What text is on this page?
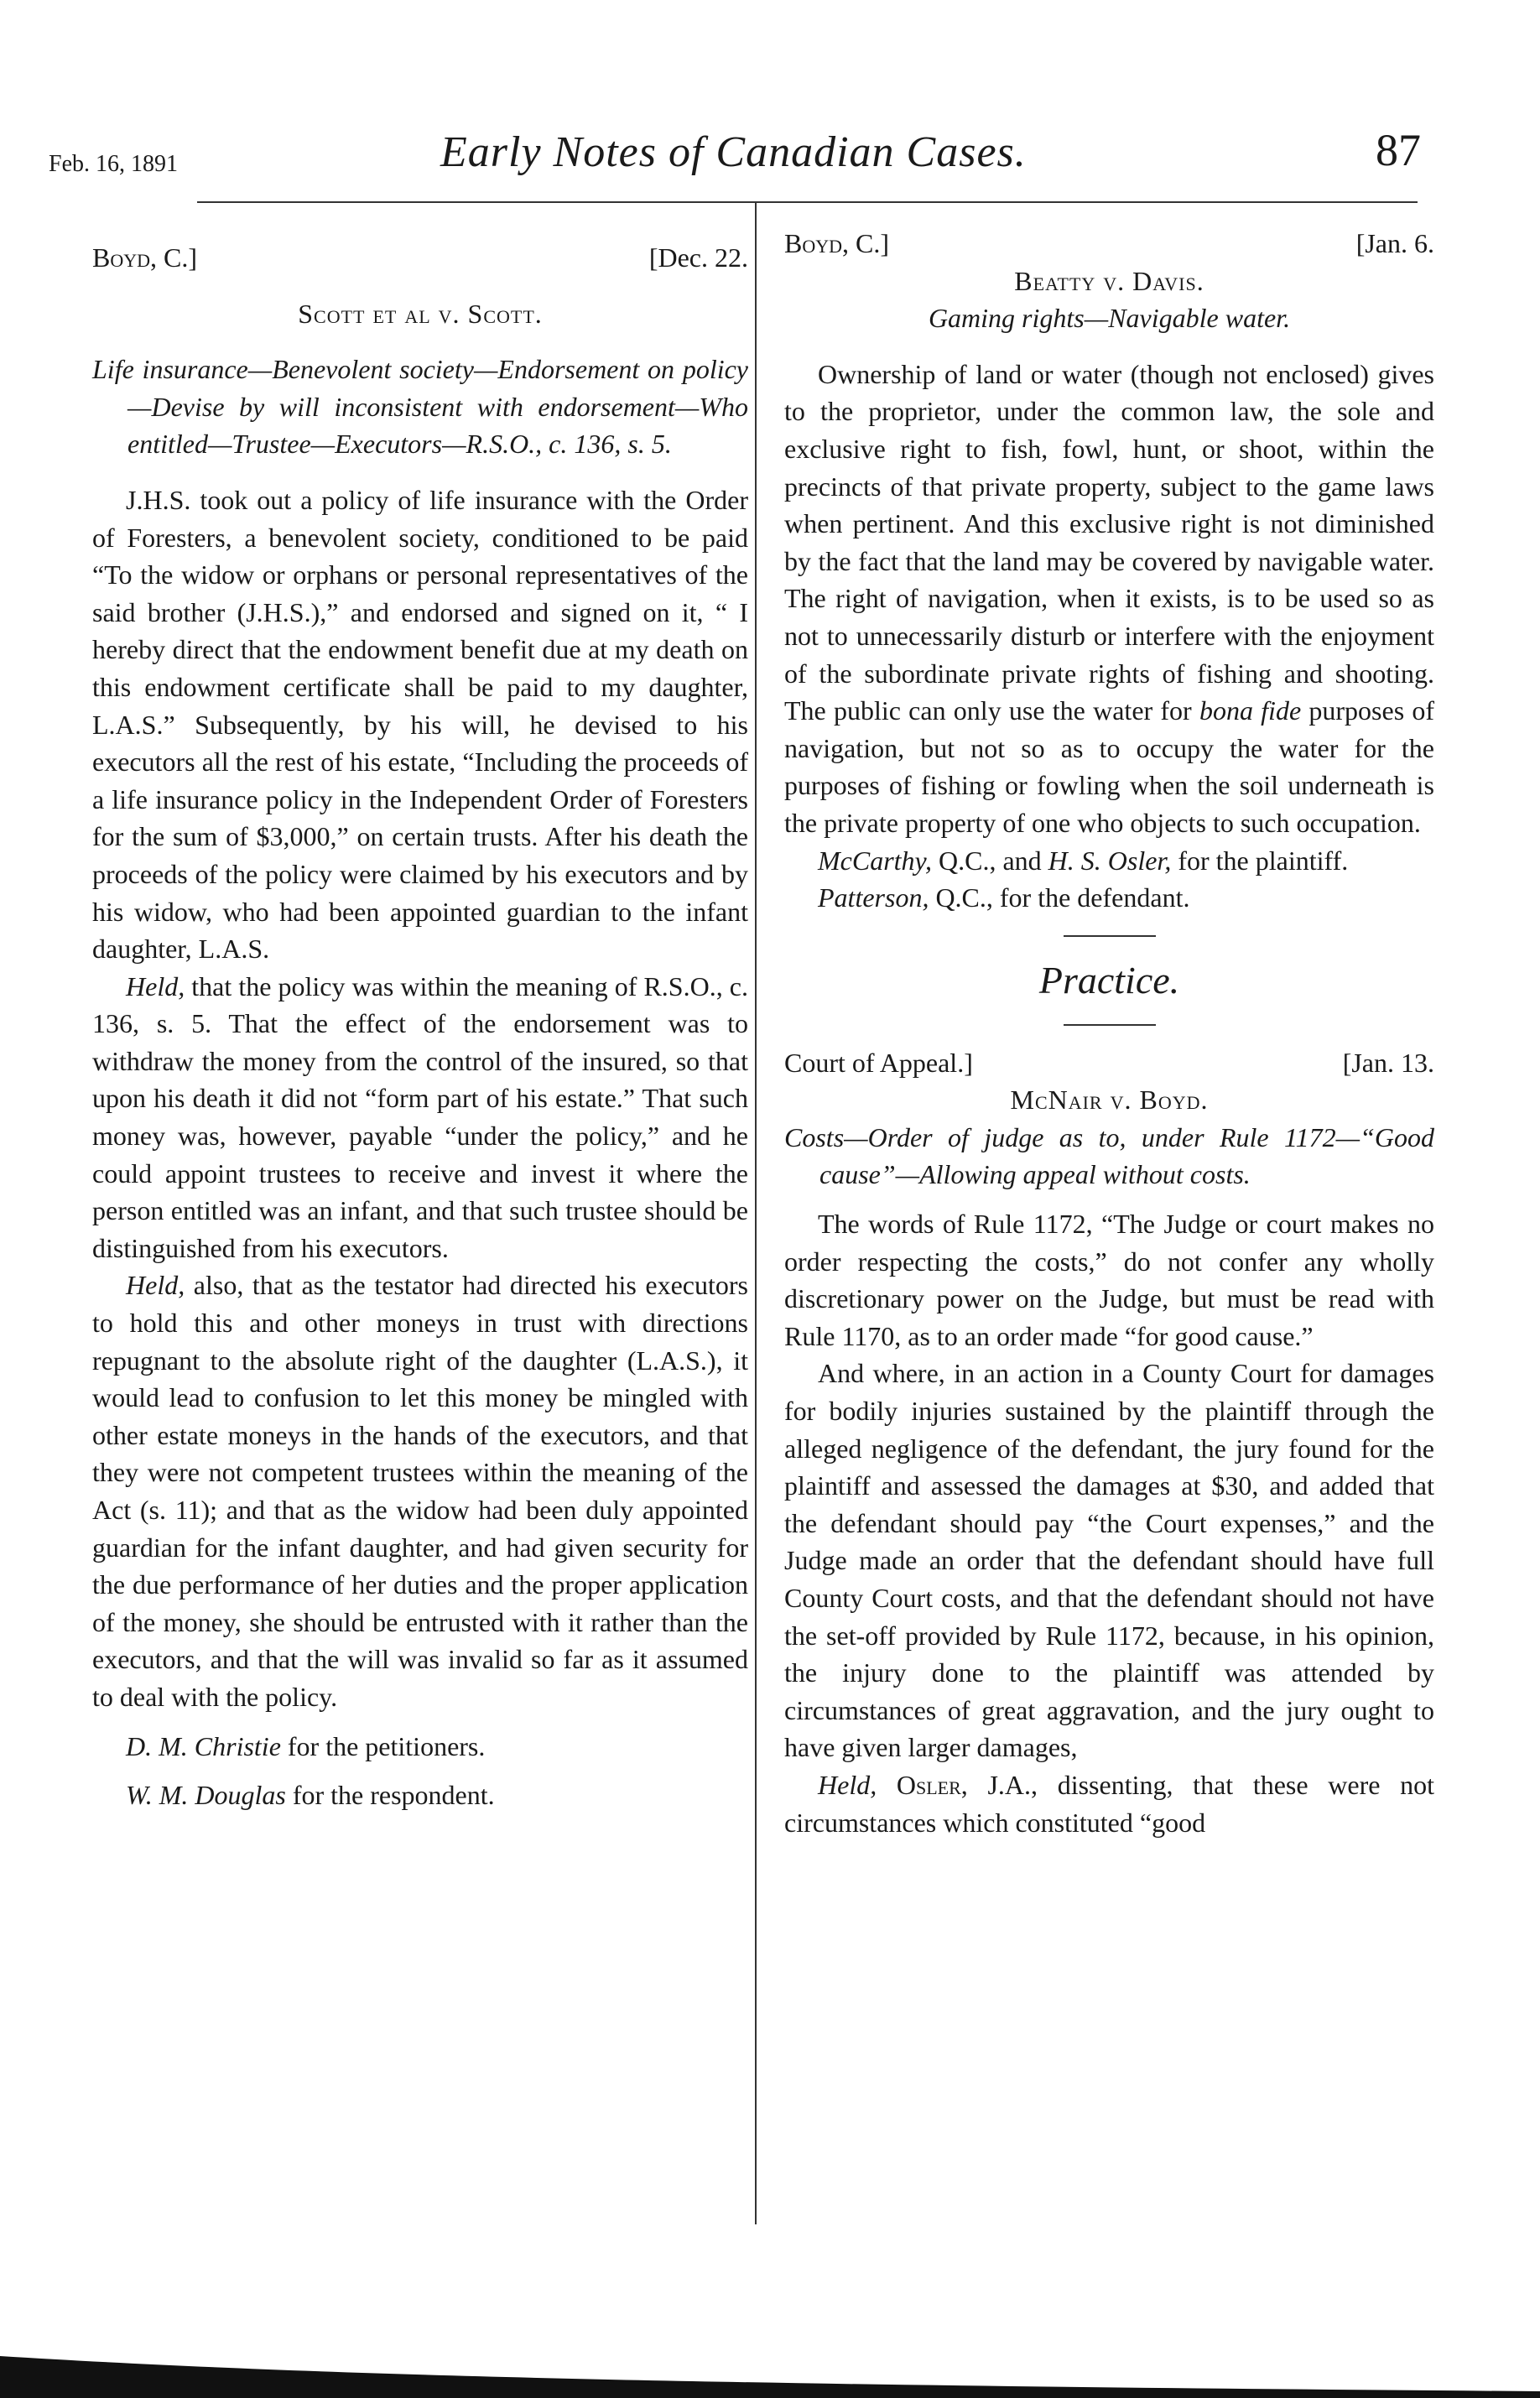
Feb. 16, 1891	Early Notes of Canadian Cases.	87
Boyd, C.]	[Dec. 22.
Scott et al v. Scott.
Life insurance—Benevolent society—Endorsement on policy—Devise by will inconsistent with endorsement—Who entitled—Trustee—Executors—R.S.O., c. 136, s. 5.

J.H.S. took out a policy of life insurance with the Order of Foresters, a benevolent society, conditioned to be paid “To the widow or orphans or personal representatives of the said brother (J.H.S.),” and endorsed and signed on it, “ I hereby direct that the endowment benefit due at my death on this endowment certificate shall be paid to my daughter, L.A.S.” Subsequently, by his will, he devised to his executors all the rest of his estate, “Including the proceeds of a life insurance policy in the Independent Order of Foresters for the sum of $3,000,” on certain trusts. After his death the proceeds of the policy were claimed by his executors and by his widow, who had been appointed guardian to the infant daughter, L.A.S.

Held, that the policy was within the meaning of R.S.O., c. 136, s. 5. That the effect of the endorsement was to withdraw the money from the control of the insured, so that upon his death it did not “form part of his estate.” That such money was, however, payable “under the policy,” and he could appoint trustees to receive and invest it where the person entitled was an infant, and that such trustee should be distinguished from his executors.

Held, also, that as the testator had directed his executors to hold this and other moneys in trust with directions repugnant to the absolute right of the daughter (L.A.S.), it would lead to confusion to let this money be mingled with other estate moneys in the hands of the executors, and that they were not competent trustees within the meaning of the Act (s. 11); and that as the widow had been duly appointed guardian for the infant daughter, and had given security for the due performance of her duties and the proper application of the money, she should be entrusted with it rather than the executors, and that the will was invalid so far as it assumed to deal with the policy.

D. M. Christie for the petitioners.

W. M. Douglas for the respondent.

Boyd, C.]	[Jan. 6.
Beatty v. Davis.
Gaming rights—Navigable water.

Ownership of land or water (though not enclosed) gives to the proprietor, under the common law, the sole and exclusive right to fish, fowl, hunt, or shoot, within the precincts of that private property, subject to the game laws when pertinent. And this exclusive right is not diminished by the fact that the land may be covered by navigable water. The right of navigation, when it exists, is to be used so as not to unnecessarily disturb or interfere with the enjoyment of the subordinate private rights of fishing and shooting. The public can only use the water for bona fide purposes of navigation, but not so as to occupy the water for the purposes of fishing or fowling when the soil underneath is the private property of one who objects to such occupation.

McCarthy, Q.C., and H. S. Osler, for the plaintiff.

Patterson, Q.C., for the defendant.

Practice.
Court of Appeal.]	[Jan. 13.
McNair v. Boyd.
Costs—Order of judge as to, under Rule 1172—“Good cause”—Allowing appeal without costs.

The words of Rule 1172, “The Judge or court makes no order respecting the costs,” do not confer any wholly discretionary power on the Judge, but must be read with Rule 1170, as to an order made “for good cause.”

And where, in an action in a County Court for damages for bodily injuries sustained by the plaintiff through the alleged negligence of the defendant, the jury found for the plaintiff and assessed the damages at $30, and added that the defendant should pay “the Court expenses,” and the Judge made an order that the defendant should have full County Court costs, and that the defendant should not have the set-off provided by Rule 1172, because, in his opinion, the injury done to the plaintiff was attended by circumstances of great aggravation, and the jury ought to have given larger damages,

Held, Osler, J.A., dissenting, that these were not circumstances which constituted “good
